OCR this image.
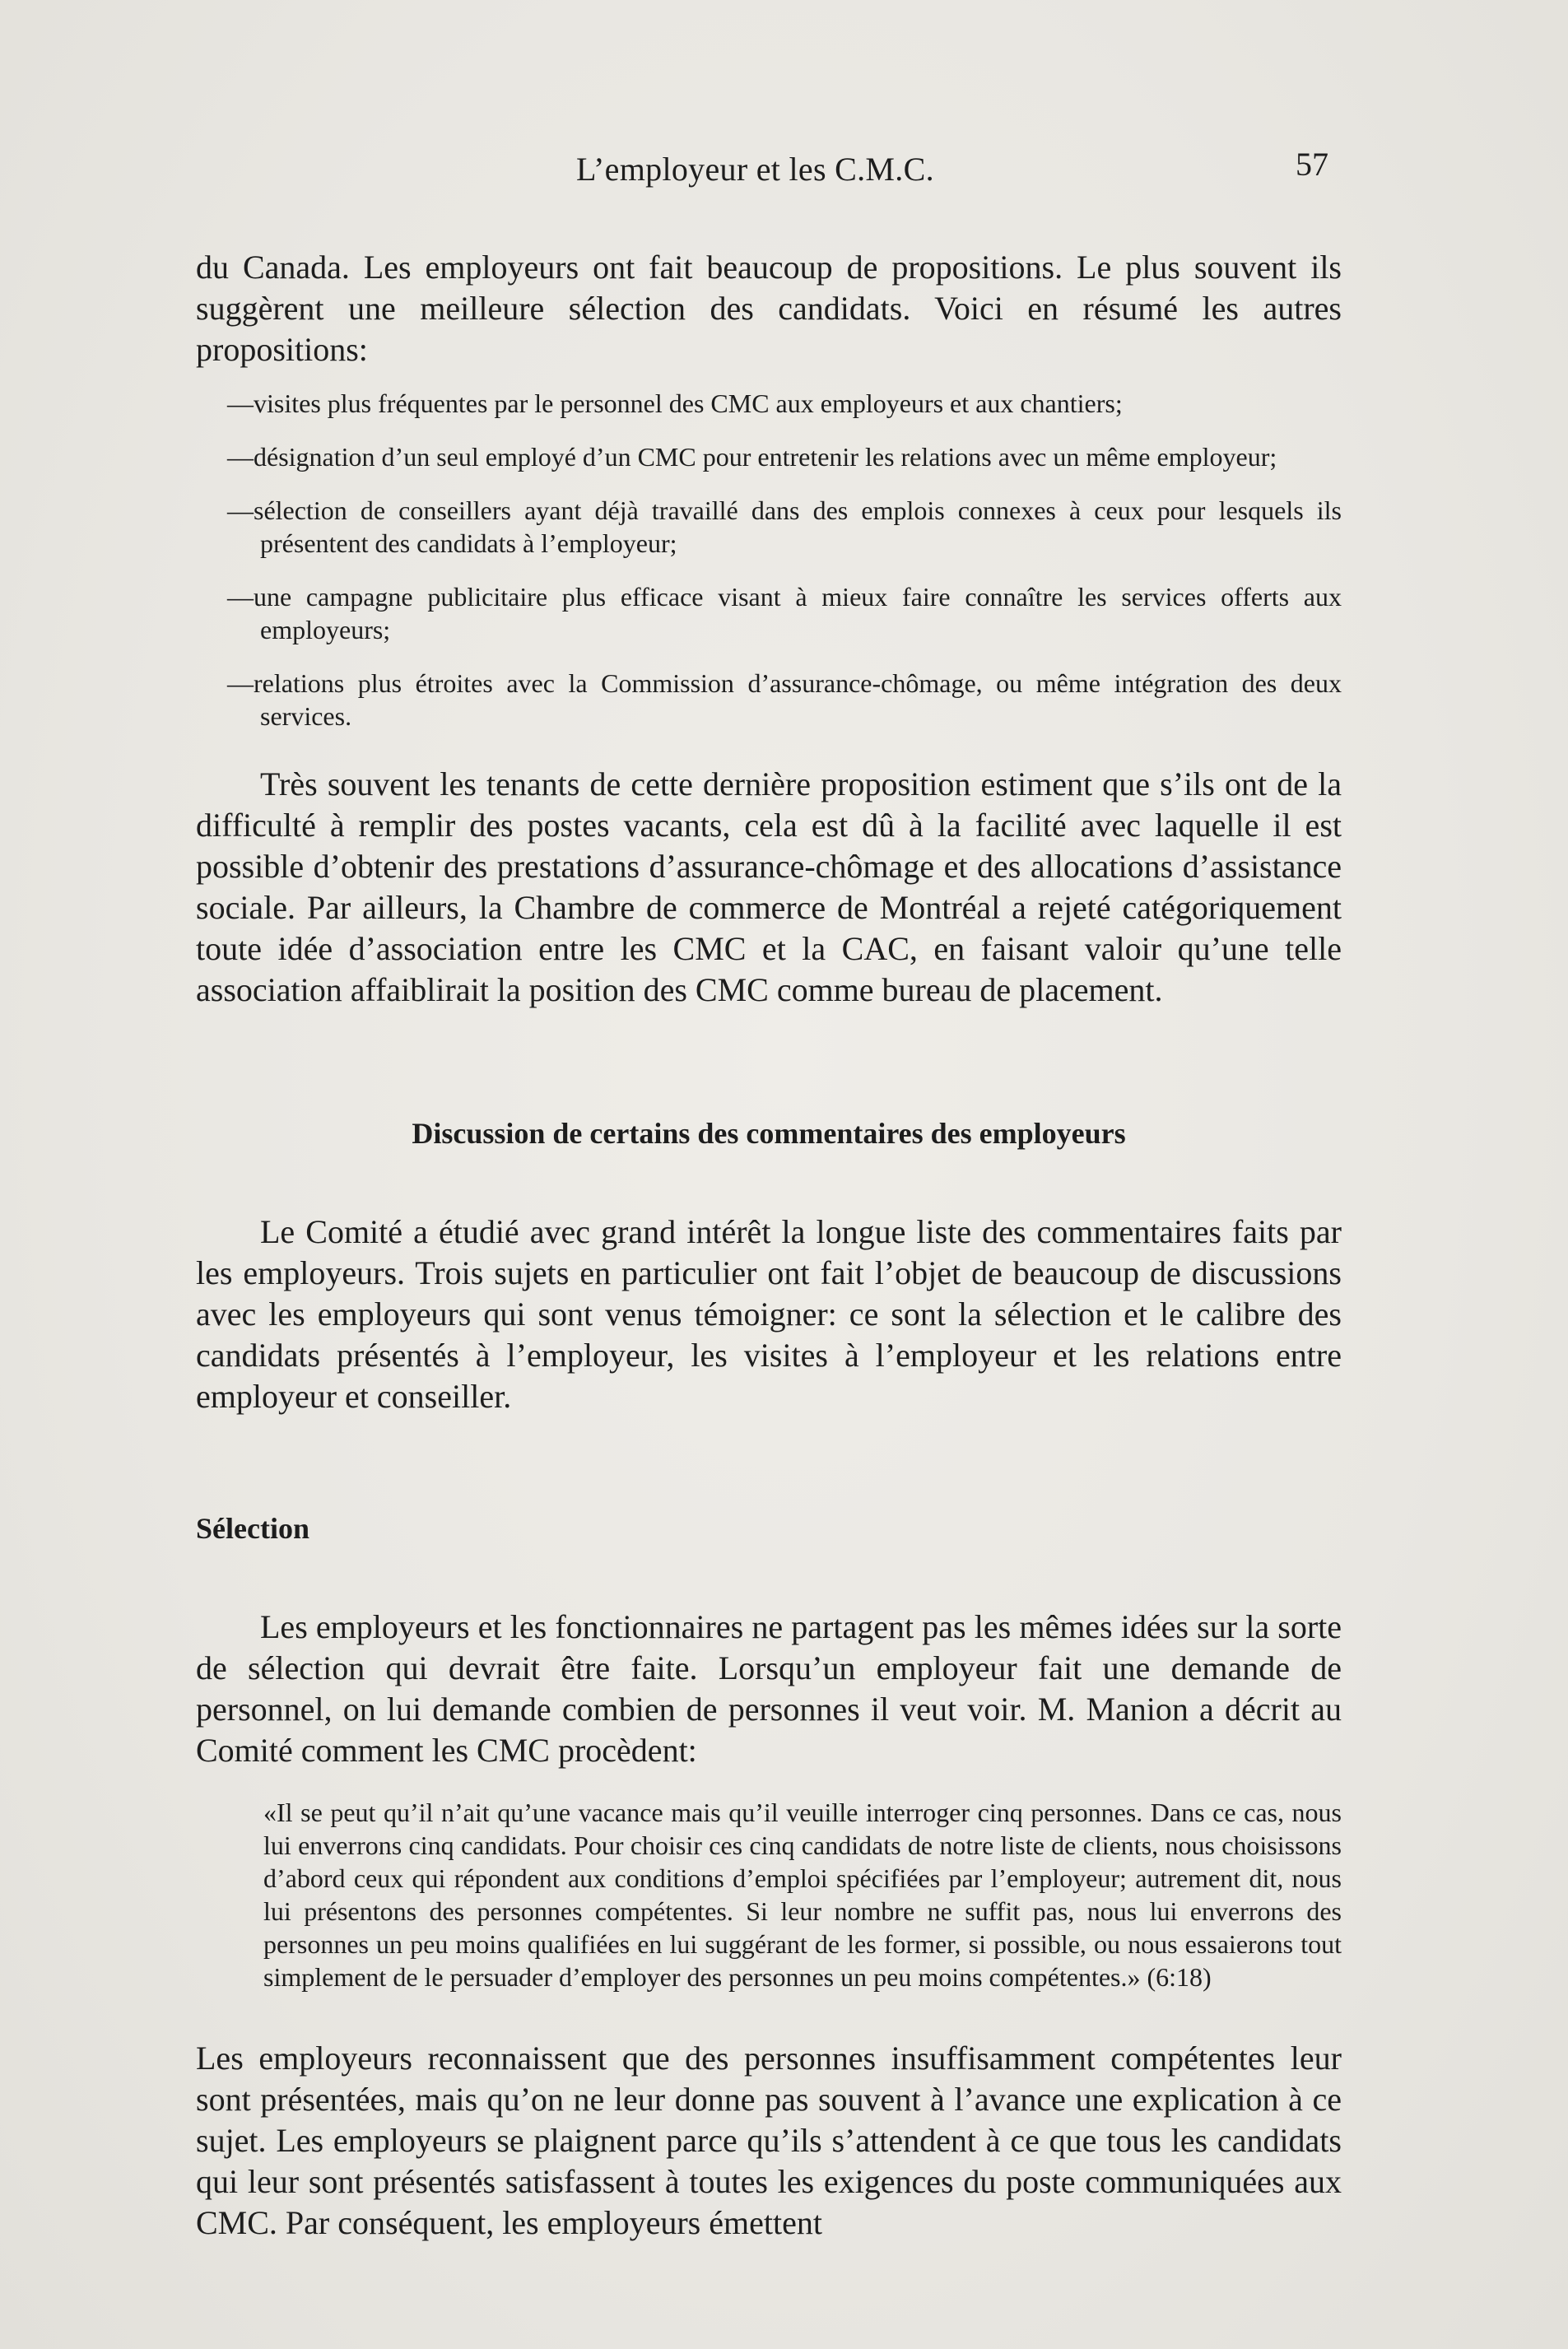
L’employeur et les C.M.C.	57

du Canada. Les employeurs ont fait beaucoup de propositions. Le plus souvent ils suggèrent une meilleure sélection des candidats. Voici en résumé les autres propositions:

—visites plus fréquentes par le personnel des CMC aux employeurs et aux chantiers;
—désignation d’un seul employé d’un CMC pour entretenir les relations avec un même employeur;
—sélection de conseillers ayant déjà travaillé dans des emplois connexes à ceux pour lesquels ils présentent des candidats à l’employeur;
—une campagne publicitaire plus efficace visant à mieux faire connaître les services offerts aux employeurs;
—relations plus étroites avec la Commission d’assurance-chômage, ou même intégration des deux services.

Très souvent les tenants de cette dernière proposition estiment que s’ils ont de la difficulté à remplir des postes vacants, cela est dû à la facilité avec laquelle il est possible d’obtenir des prestations d’assurance-chômage et des allocations d’assistance sociale. Par ailleurs, la Chambre de commerce de Montréal a rejeté catégoriquement toute idée d’association entre les CMC et la CAC, en faisant valoir qu’une telle association affaiblirait la position des CMC comme bureau de placement.

Discussion de certains des commentaires des employeurs

Le Comité a étudié avec grand intérêt la longue liste des commentaires faits par les employeurs. Trois sujets en particulier ont fait l’objet de beaucoup de discussions avec les employeurs qui sont venus témoigner: ce sont la sélection et le calibre des candidats présentés à l’employeur, les visites à l’employeur et les relations entre employeur et conseiller.

Sélection

Les employeurs et les fonctionnaires ne partagent pas les mêmes idées sur la sorte de sélection qui devrait être faite. Lorsqu’un employeur fait une demande de personnel, on lui demande combien de personnes il veut voir. M. Manion a décrit au Comité comment les CMC procèdent:

«Il se peut qu’il n’ait qu’une vacance mais qu’il veuille interroger cinq personnes. Dans ce cas, nous lui enverrons cinq candidats. Pour choisir ces cinq candidats de notre liste de clients, nous choisissons d’abord ceux qui répondent aux conditions d’emploi spécifiées par l’employeur; autrement dit, nous lui présentons des personnes compétentes. Si leur nombre ne suffit pas, nous lui enverrons des personnes un peu moins qualifiées en lui suggérant de les former, si possible, ou nous essaierons tout simplement de le persuader d’employer des personnes un peu moins compétentes.» (6:18)

Les employeurs reconnaissent que des personnes insuffisamment compétentes leur sont présentées, mais qu’on ne leur donne pas souvent à l’avance une explication à ce sujet. Les employeurs se plaignent parce qu’ils s’attendent à ce que tous les candidats qui leur sont présentés satisfassent à toutes les exigences du poste communiquées aux CMC. Par conséquent, les employeurs émettent
